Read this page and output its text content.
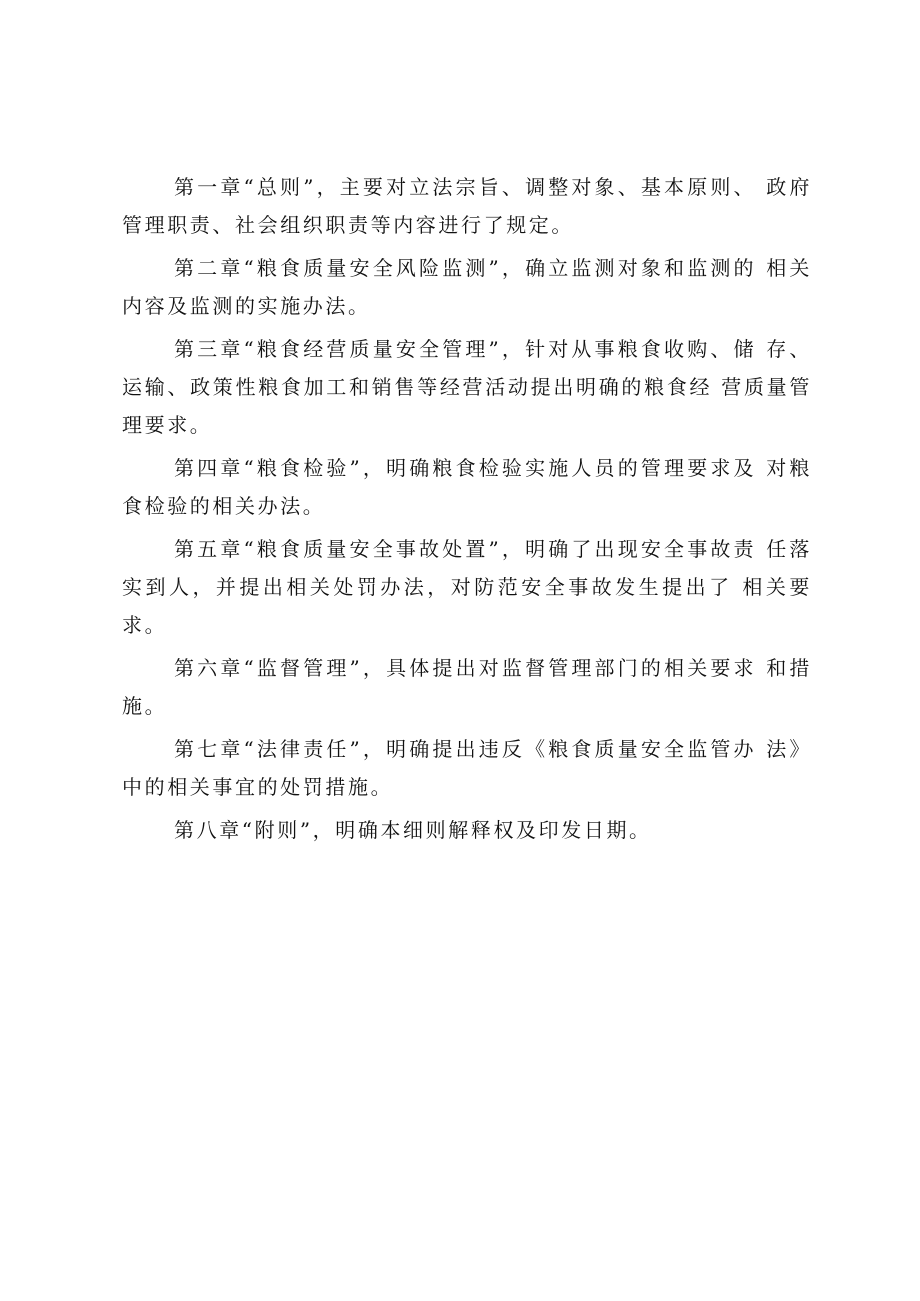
第一章“总则”，主要对立法宗旨、调整对象、基本原则、 政府管理职责、社会组织职责等内容进行了规定。

第二章“粮食质量安全风险监测”，确立监测对象和监测的 相关内容及监测的实施办法。

第三章“粮食经营质量安全管理”，针对从事粮食收购、储 存、运输、政策性粮食加工和销售等经营活动提出明确的粮食经 营质量管理要求。

第四章“粮食检验”，明确粮食检验实施人员的管理要求及 对粮食检验的相关办法。

第五章“粮食质量安全事故处置”，明确了出现安全事故责 任落实到人，并提出相关处罚办法，对防范安全事故发生提出了 相关要求。

第六章“监督管理”，具体提出对监督管理部门的相关要求 和措施。

第七章“法律责任”，明确提出违反《粮食质量安全监管办 法》中的相关事宜的处罚措施。

第八章“附则”，明确本细则解释权及印发日期。
